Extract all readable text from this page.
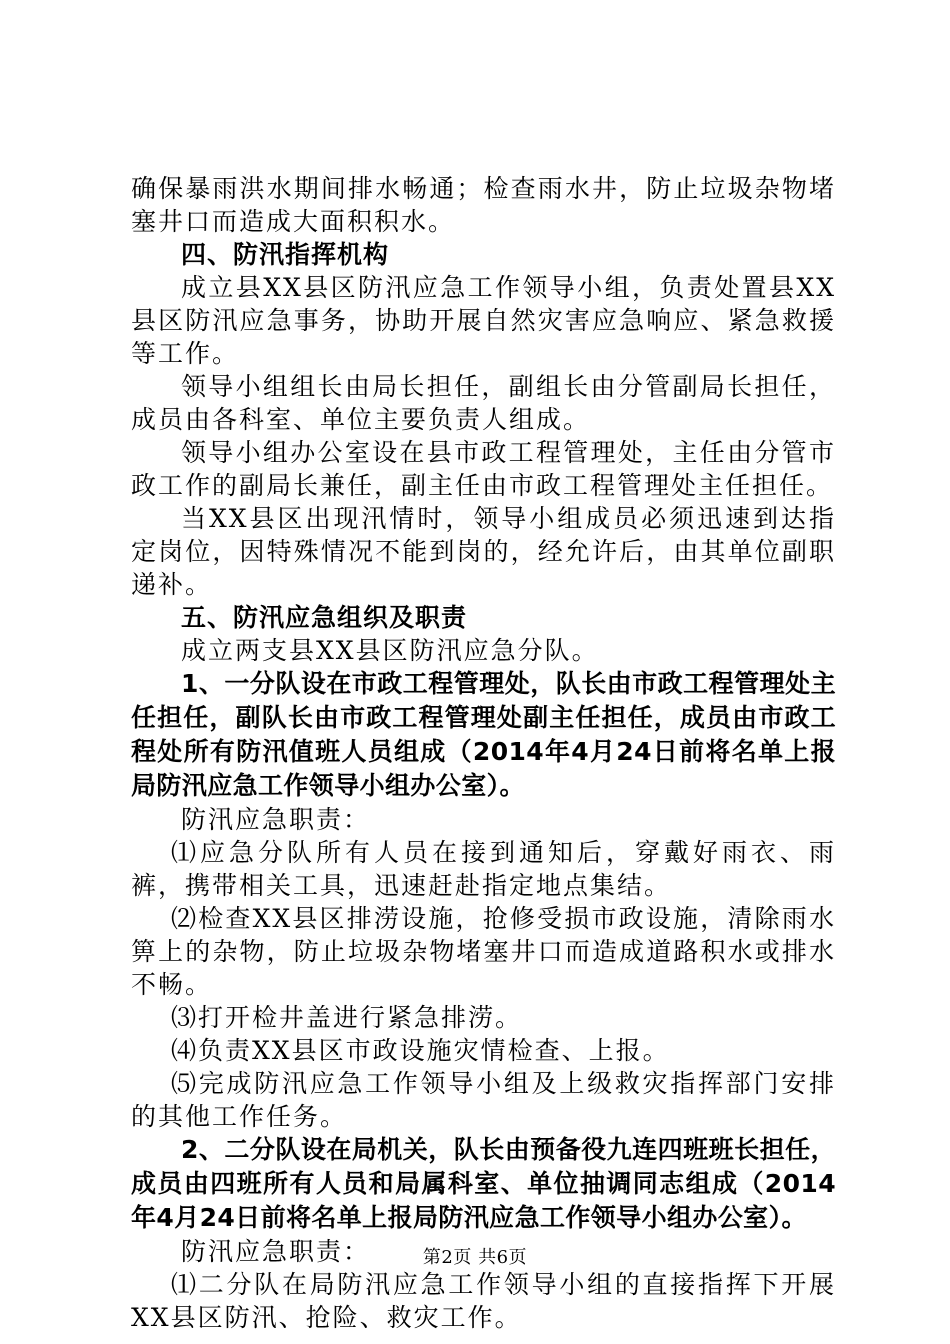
确保暴雨洪水期间排水畅通；检查雨水井，防止垃圾杂物堵塞井口而造成大面积积水。

四、防汛指挥机构

成立县XX县区防汛应急工作领导小组，负责处置县XX县区防汛应急事务，协助开展自然灾害应急响应、紧急救援等工作。

领导小组组长由局长担任，副组长由分管副局长担任，成员由各科室、单位主要负责人组成。

领导小组办公室设在县市政工程管理处，主任由分管市政工作的副局长兼任，副主任由市政工程管理处主任担任。

当XX县区出现汛情时，领导小组成员必须迅速到达指定岗位，因特殊情况不能到岗的，经允许后，由其单位副职递补。

五、防汛应急组织及职责

成立两支县XX县区防汛应急分队。

1、一分队设在市政工程管理处，队长由市政工程管理处主任担任，副队长由市政工程管理处副主任担任，成员由市政工程处所有防汛值班人员组成（2014年4月24日前将名单上报局防汛应急工作领导小组办公室）。

防汛应急职责：

⑴应急分队所有人员在接到通知后，穿戴好雨衣、雨裤，携带相关工具，迅速赶赴指定地点集结。

⑵检查XX县区排涝设施，抢修受损市政设施，清除雨水箅上的杂物，防止垃圾杂物堵塞井口而造成道路积水或排水不畅。

⑶打开检井盖进行紧急排涝。

⑷负责XX县区市政设施灾情检查、上报。

⑸完成防汛应急工作领导小组及上级救灾指挥部门安排的其他工作任务。

2、二分队设在局机关，队长由预备役九连四班班长担任，成员由四班所有人员和局属科室、单位抽调同志组成（2014年4月24日前将名单上报局防汛应急工作领导小组办公室）。

防汛应急职责：

⑴二分队在局防汛应急工作领导小组的直接指挥下开展XX县区防汛、抢险、救灾工作。

第2页 共6页
